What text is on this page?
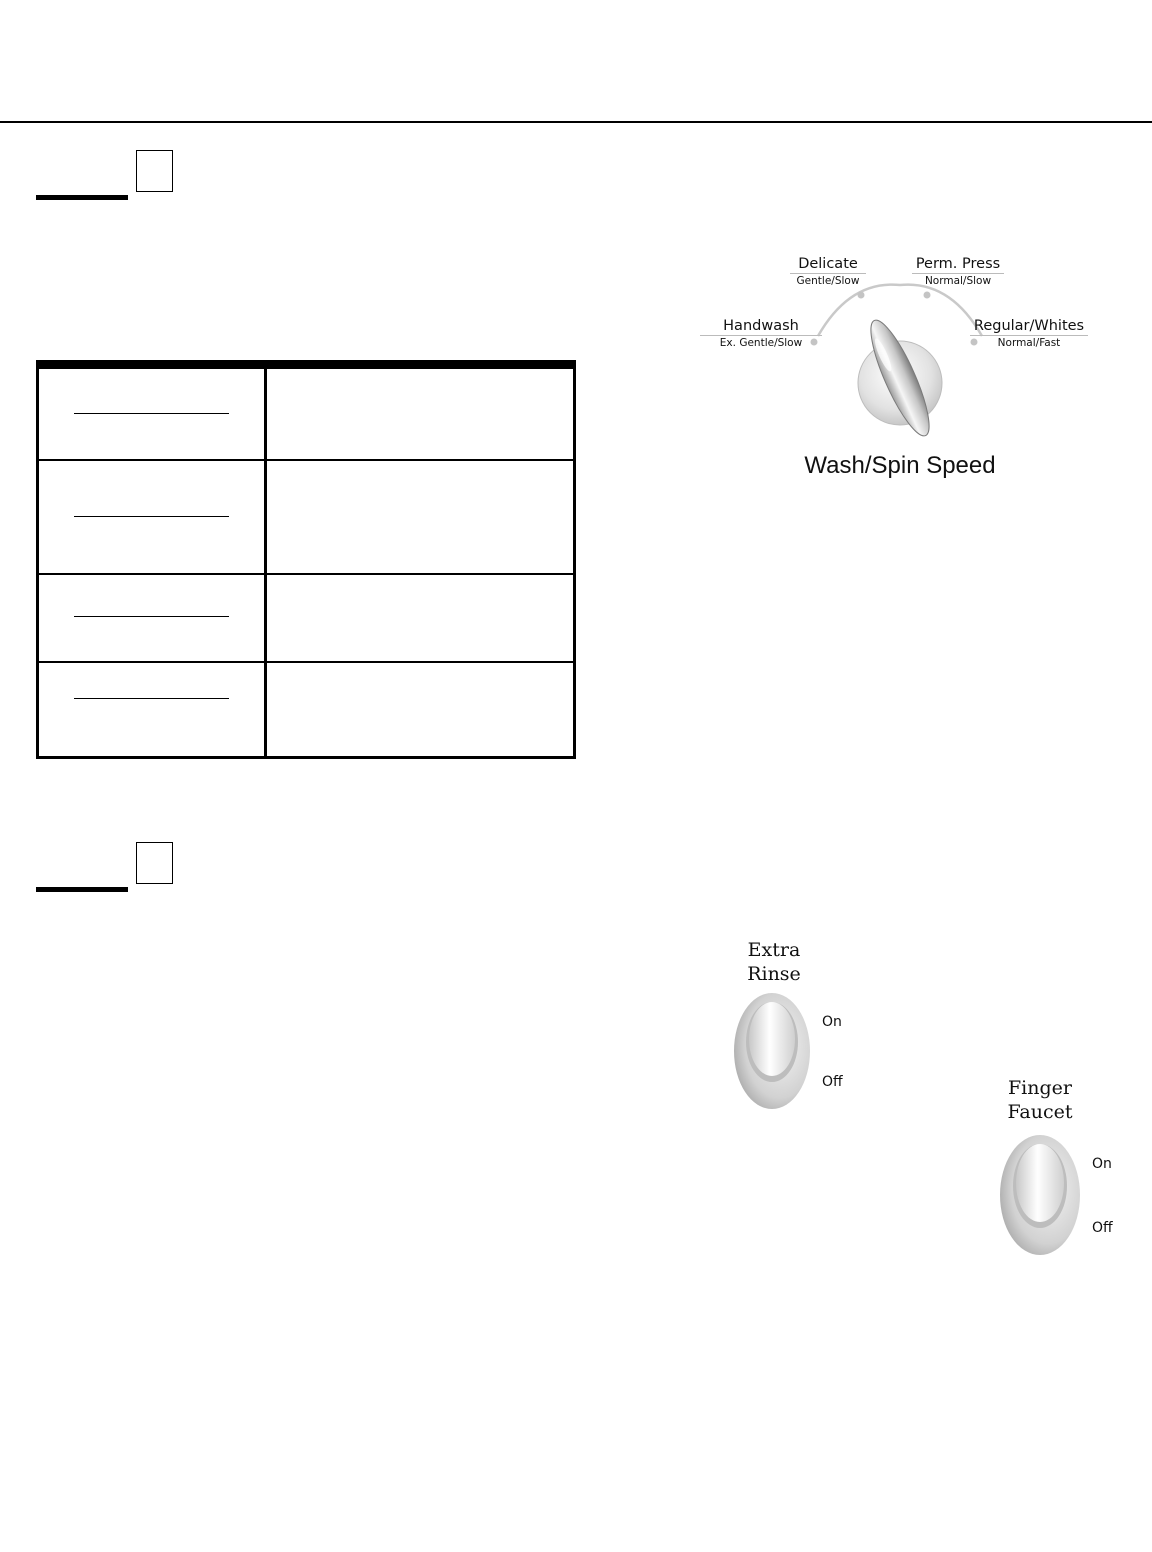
Handwash
Ex. Gentle/Slow
Delicate
Gentle/Slow
Perm. Press
Normal/Slow
Regular/Whites
Normal/Fast
Wash/Spin Speed
Extra
Rinse
On
Off	Finger
Faucet
On
Off
